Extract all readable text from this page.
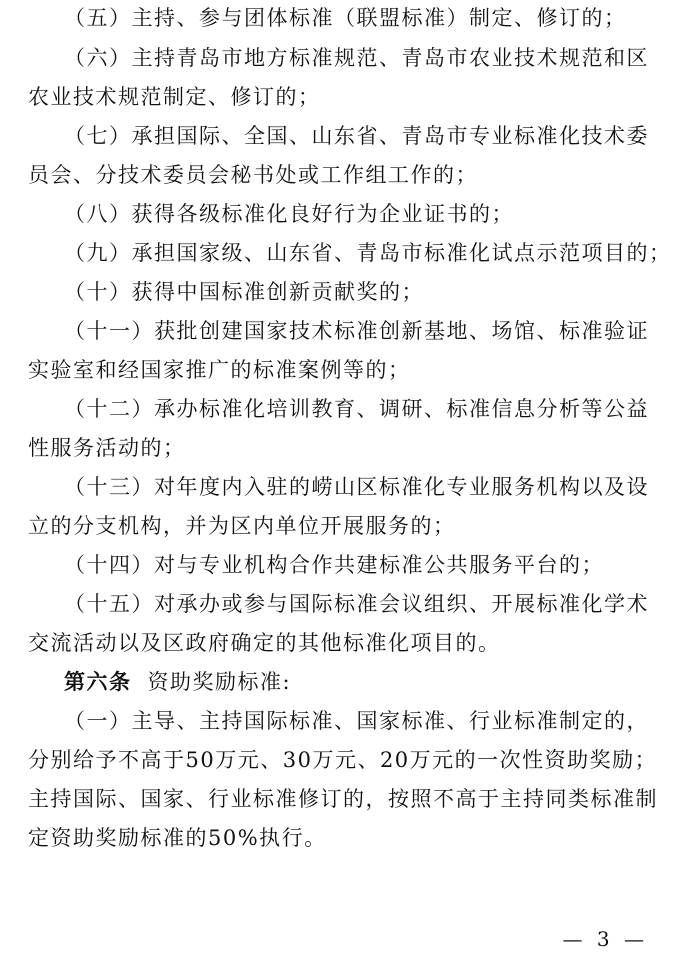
（五）主持、参与团体标准（联盟标准）制定、修订的；
（六）主持青岛市地方标准规范、青岛市农业技术规范和区
农业技术规范制定、修订的；
（七）承担国际、全国、山东省、青岛市专业标准化技术委
员会、分技术委员会秘书处或工作组工作的；
（八）获得各级标准化良好行为企业证书的；
（九）承担国家级、山东省、青岛市标准化试点示范项目的；
（十）获得中国标准创新贡献奖的；
（十一）获批创建国家技术标准创新基地、场馆、标准验证
实验室和经国家推广的标准案例等的；
（十二）承办标准化培训教育、调研、标准信息分析等公益
性服务活动的；
（十三）对年度内入驻的崂山区标准化专业服务机构以及设
立的分支机构，并为区内单位开展服务的；
（十四）对与专业机构合作共建标准公共服务平台的；
（十五）对承办或参与国际标准会议组织、开展标准化学术
交流活动以及区政府确定的其他标准化项目的。
第六条 资助奖励标准:
（一）主导、主持国际标准、国家标准、行业标准制定的，
分别给予不高于50万元、30万元、20万元的一次性资助奖励；
主持国际、国家、行业标准修订的，按照不高于主持同类标准制
定资助奖励标准的50%执行。
— 3 —
